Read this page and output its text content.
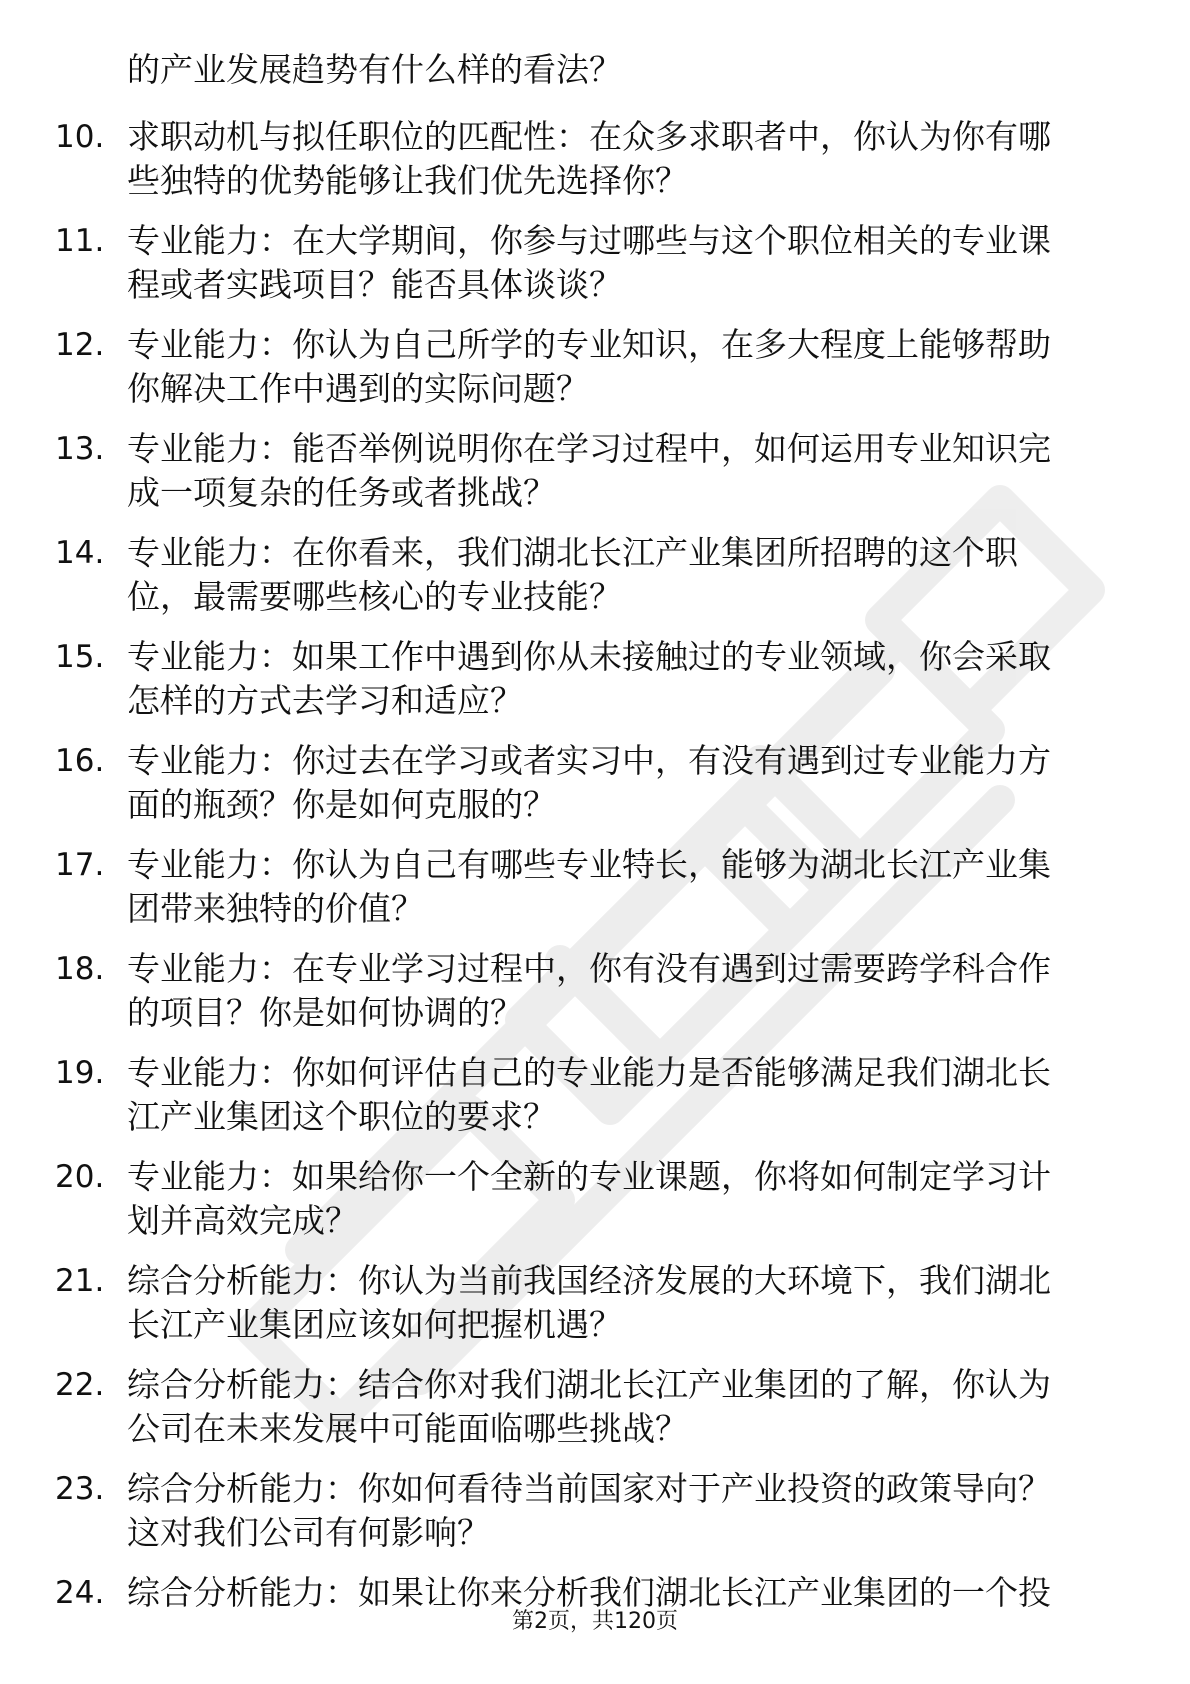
的产业发展趋势有什么样的看法？
10. 求职动机与拟任职位的匹配性：在众多求职者中，你认为你有哪
些独特的优势能够让我们优先选择你？
11. 专业能力：在大学期间，你参与过哪些与这个职位相关的专业课
程或者实践项目？能否具体谈谈？
12. 专业能力：你认为自己所学的专业知识，在多大程度上能够帮助
你解决工作中遇到的实际问题？
13. 专业能力：能否举例说明你在学习过程中，如何运用专业知识完
成一项复杂的任务或者挑战？
14. 专业能力：在你看来，我们湖北长江产业集团所招聘的这个职
位，最需要哪些核心的专业技能？
15. 专业能力：如果工作中遇到你从未接触过的专业领域，你会采取
怎样的方式去学习和适应？
16. 专业能力：你过去在学习或者实习中，有没有遇到过专业能力方
面的瓶颈？你是如何克服的？
17. 专业能力：你认为自己有哪些专业特长，能够为湖北长江产业集
团带来独特的价值？
18. 专业能力：在专业学习过程中，你有没有遇到过需要跨学科合作
的项目？你是如何协调的？
19. 专业能力：你如何评估自己的专业能力是否能够满足我们湖北长
江产业集团这个职位的要求？
20. 专业能力：如果给你一个全新的专业课题，你将如何制定学习计
划并高效完成？
21. 综合分析能力：你认为当前我国经济发展的大环境下，我们湖北
长江产业集团应该如何把握机遇？
22. 综合分析能力：结合你对我们湖北长江产业集团的了解，你认为
公司在未来发展中可能面临哪些挑战？
23. 综合分析能力：你如何看待当前国家对于产业投资的政策导向？
这对我们公司有何影响？
24. 综合分析能力：如果让你来分析我们湖北长江产业集团的一个投
第2页，共120页
